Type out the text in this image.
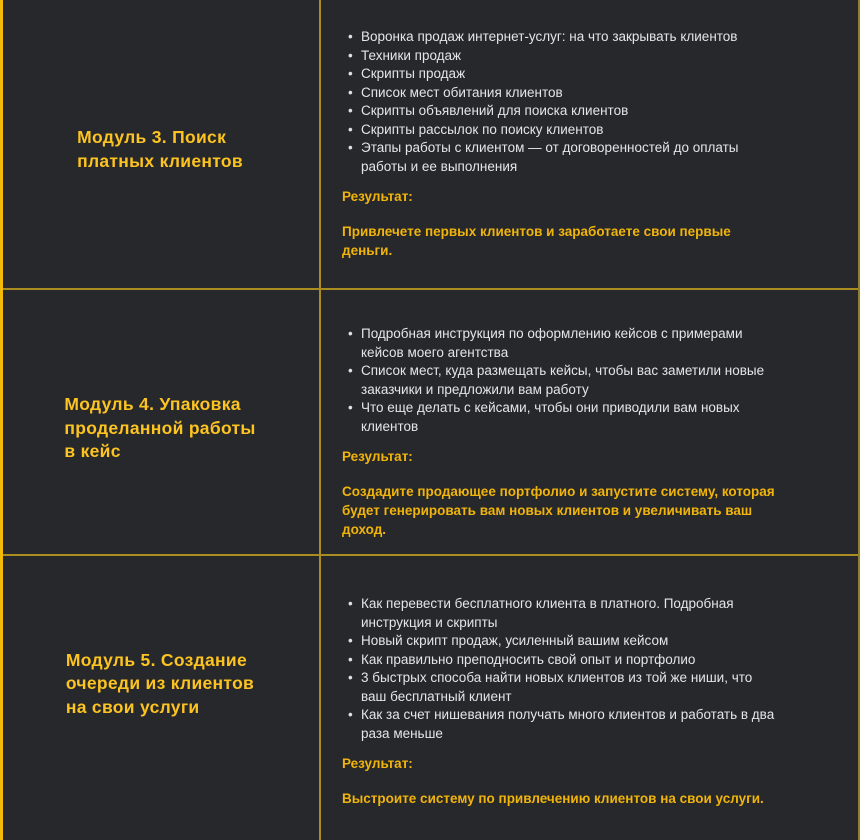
Модуль 3. Поиск
платных клиентов
• Воронка продаж интернет-услуг: на что закрывать клиентов
• Техники продаж
• Скрипты продаж
• Список мест обитания клиентов
• Скрипты объявлений для поиска клиентов
• Скрипты рассылок по поиску клиентов
• Этапы работы с клиентом — от договоренностей до оплаты работы и ее выполнения
Результат:
Привлечете первых клиентов и заработаете свои первые деньги.
Модуль 4. Упаковка
проделанной работы
в кейс
• Подробная инструкция по оформлению кейсов с примерами кейсов моего агентства
• Список мест, куда размещать кейсы, чтобы вас заметили новые заказчики и предложили вам работу
• Что еще делать с кейсами, чтобы они приводили вам новых клиентов
Результат:
Создадите продающее портфолио и запустите систему, которая будет генерировать вам новых клиентов и увеличивать ваш доход.
Модуль 5. Создание
очереди из клиентов
на свои услуги
• Как перевести бесплатного клиента в платного. Подробная инструкция и скрипты
• Новый скрипт продаж, усиленный вашим кейсом
• Как правильно преподносить свой опыт и портфолио
• 3 быстрых способа найти новых клиентов из той же ниши, что ваш бесплатный клиент
• Как за счет нишевания получать много клиентов и работать в два раза меньше
Результат:
Выстроите систему по привлечению клиентов на свои услуги.
